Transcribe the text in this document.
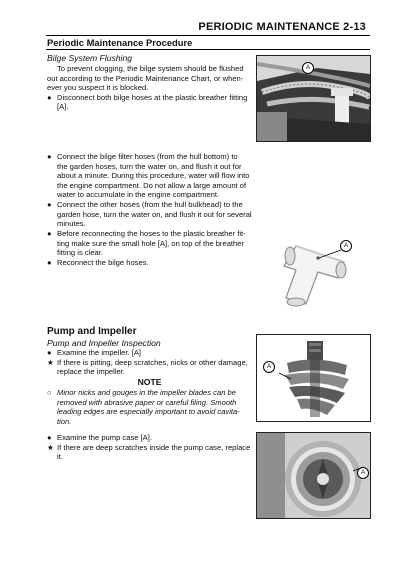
PERIODIC MAINTENANCE 2-13
Periodic Maintenance Procedure
Bilge System Flushing
To prevent clogging, the bilge system should be flushed
out according to the Periodic Maintenance Chart, or when-
ever you suspect it is blocked.
● Disconnect both bilge hoses at the plastic breather fitting
[A].
● Connect the bilge filter hoses (from the hull bottom) to
the garden hoses, turn the water on, and flush it out for
about a minute. During this procedure, water will flow into
the engine compartment. Do not allow a large amount of
water to accumulate in the engine compartment.
● Connect the other hoses (from the hull bulkhead) to the
garden hose, turn the water on, and flush it out for several
minutes.
● Before reconnecting the hoses to the plastic breather fit-
ting make sure the small hole [A], on top of the breather
fitting is clear.
● Reconnect the bilge hoses.
A
A
Pump and Impeller
Pump and Impeller Inspection
● Examine the impeller. [A]
★ If there is pitting, deep scratches, nicks or other damage,
replace the impeller.
NOTE
○ Minor nicks and gouges in the impeller blades can be
removed with abrasive paper or careful filing. Smooth
leading edges are especially important to avoid cavita-
tion.
● Examine the pump case [A].
★ If there are deep scratches inside the pump case, replace
it.
A
A
